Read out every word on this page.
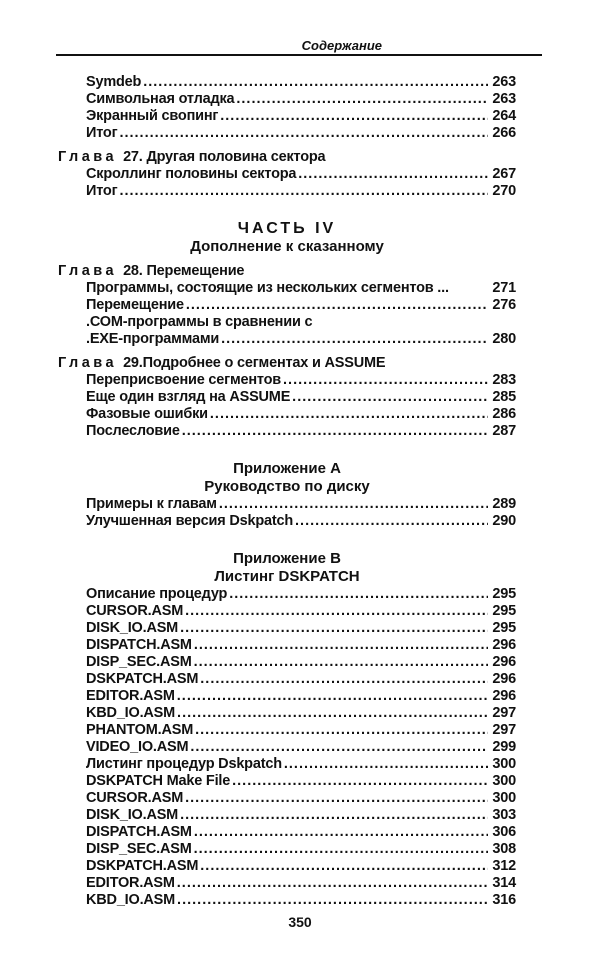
Содержание
Symdeb .....	263
Символьная отладка .....	263
Экранный свопинг .....	264
Итог .....	266
Глава 27. Другая половина сектора
Скроллинг половины сектора .....	267
Итог .....	270
ЧАСТЬ IV
Дополнение к сказанному
Глава 28. Перемещение
Программы, состоящие из нескольких сегментов ...	271
Перемещение .....	276
.СОМ-программы в сравнении с
.EXE-программами .....	280
Глава 29.Подробнее о сегментах и ASSUME
Переприсвоение сегментов .....	283
Еще один взгляд на ASSUME .....	285
Фазовые ошибки .....	286
Послесловие .....	287
Приложение А
Руководство по диску
Примеры к главам .....	289
Улучшенная версия Dskpatch .....	290
Приложение В
Листинг DSKPATCH
Описание процедур .....	295
CURSOR.ASM .....	295
DISK_IO.ASM .....	295
DISPATCH.ASM .....	296
DISP_SEC.ASM .....	296
DSKPATCH.ASM .....	296
EDITOR.ASM .....	296
KBD_IO.ASM .....	297
PHANTOM.ASM .....	297
VIDEO_IO.ASM .....	299
Листинг процедур Dskpatch .....	300
DSKPATCH Make File .....	300
CURSOR.ASM .....	300
DISK_IO.ASM .....	303
DISPATCH.ASM .....	306
DISP_SEC.ASM .....	308
DSKPATCH.ASM .....	312
EDITOR.ASM .....	314
KBD_IO.ASM .....	316
350
